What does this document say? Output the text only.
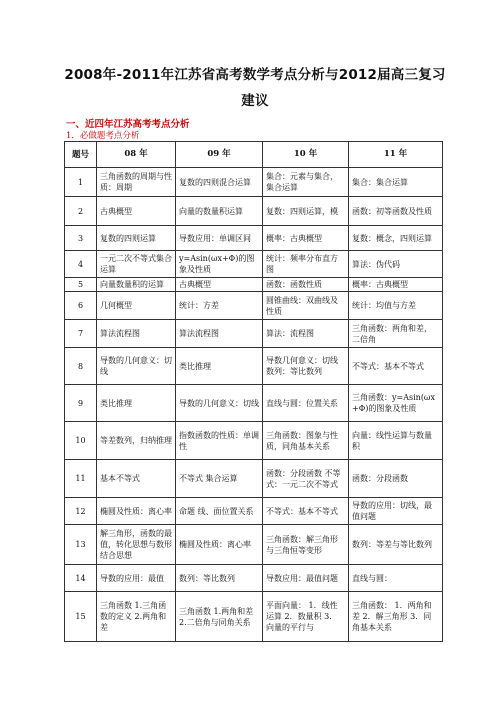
2008年-2011年江苏省高考数学考点分析与2012届高三复习建议
一、近四年江苏高考考点分析
1．必做题考点分析
题号	08 年	09 年	10 年	11 年
1	三角函数的周期与性质：周期	复数的四则混合运算	集合：元素与集合，集合运算	集合：集合运算
2	古典概型	向量的数量积运算	复数：四则运算，模	函数：初等函数及性质
3	复数的四则运算	导数应用：单调区间	概率：古典概型	复数：概念，四则运算
4	一元二次不等式集合运算	y=Asin(ωx+Φ)的图象及性质	统计：频率分布直方图	算法：伪代码
5	向量数量积的运算	古典概型	函数：函数性质	概率：古典概型
6	几何概型	统计：方差	圆锥曲线：双曲线及性质	统计：均值与方差
7	算法流程图	算法流程图	算法：流程图	三角函数：两角和差，二倍角
8	导数的几何意义：切线	类比推理	导数几何意义：切线 数列：等比数列	不等式：基本不等式
9	类比推理	导数的几何意义：切线	直线与圆：位置关系	三角函数：y=Asin(ωx+Φ)的图象及性质
10	等差数列，归纳推理	指数函数的性质：单调性	三角函数：图象与性质，同角基本关系	向量：线性运算与数量积
11	基本不等式	不等式 集合运算	函数：分段函数 不等式：一元二次不等式	函数：分段函数
12	椭圆及性质：离心率	命题 线、面位置关系	不等式：基本不等式	导数的应用：切线，最值问题
13	解三角形，函数的最值，转化思想与数形结合思想	椭圆及性质：离心率	三角函数：解三角形与三角恒等变形	数列：等差与等比数列
14	导数的应用：最值	数列：等比数列	导数应用：最值问题	直线与圆：
15	三角函数 1.三角函数的定义 2.两角和差	三角函数 1.两角和差 2.二倍角与同角关系	平面向量： 1．线性运算 2．数量积 3．向量的平行与	三角函数： 1．两角和差 2．解三角形 3．同角基本关系
